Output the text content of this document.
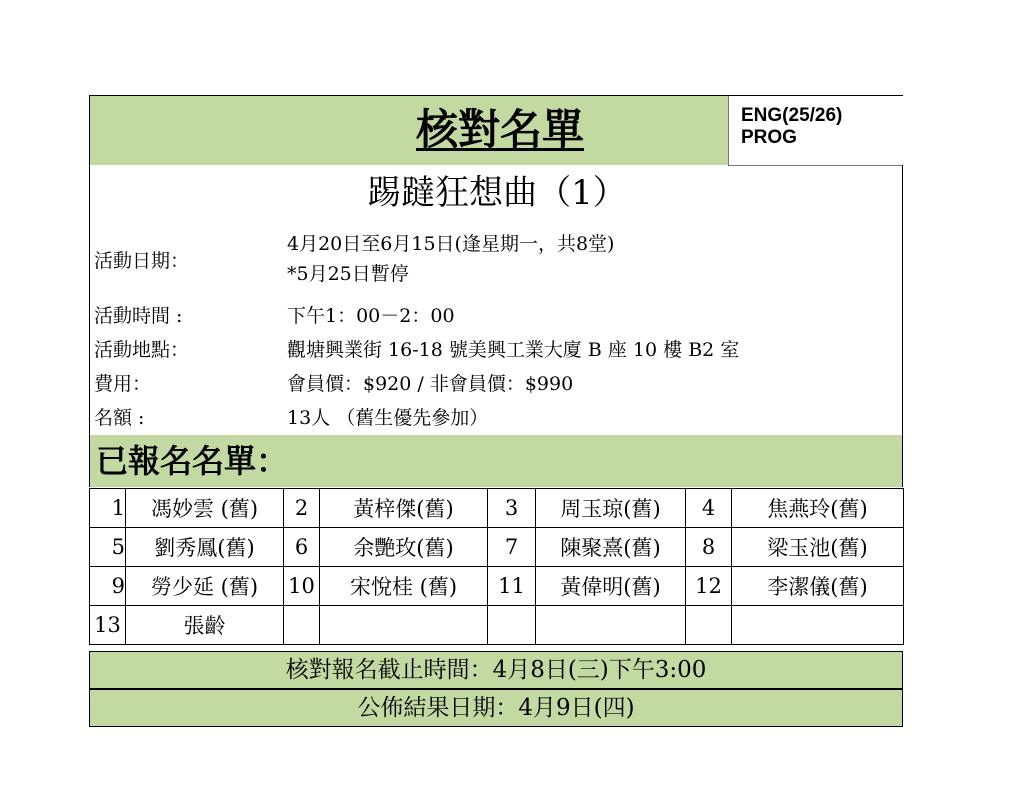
核對名單	ENG(25/26)
PROG
踢躂狂想曲（1）
活動日期：
4月20日至6月15日(逢星期一，共8堂)
*5月25日暫停
活動時間 :	下午1：00－2：00
活動地點：	觀塘興業街 16-18 號美興工業大廈 B 座 10 樓 B2 室
費用：	會員價：$920 / 非會員價：$990
名額 :	13人 （舊生優先參加）
已報名名單：
1	馮妙雲 (舊)	2	黃梓傑(舊)	3	周玉琼(舊)	4	焦燕玲(舊)
5	劉秀鳳(舊)	6	余艷玫(舊)	7	陳聚熹(舊)	8	梁玉池(舊)
9	勞少延 (舊)	10	宋悅桂 (舊)	11	黃偉明(舊)	12	李潔儀(舊)
13	張齡						
核對報名截止時間：4月8日(三)下午3:00
公佈結果日期：4月9日(四)
